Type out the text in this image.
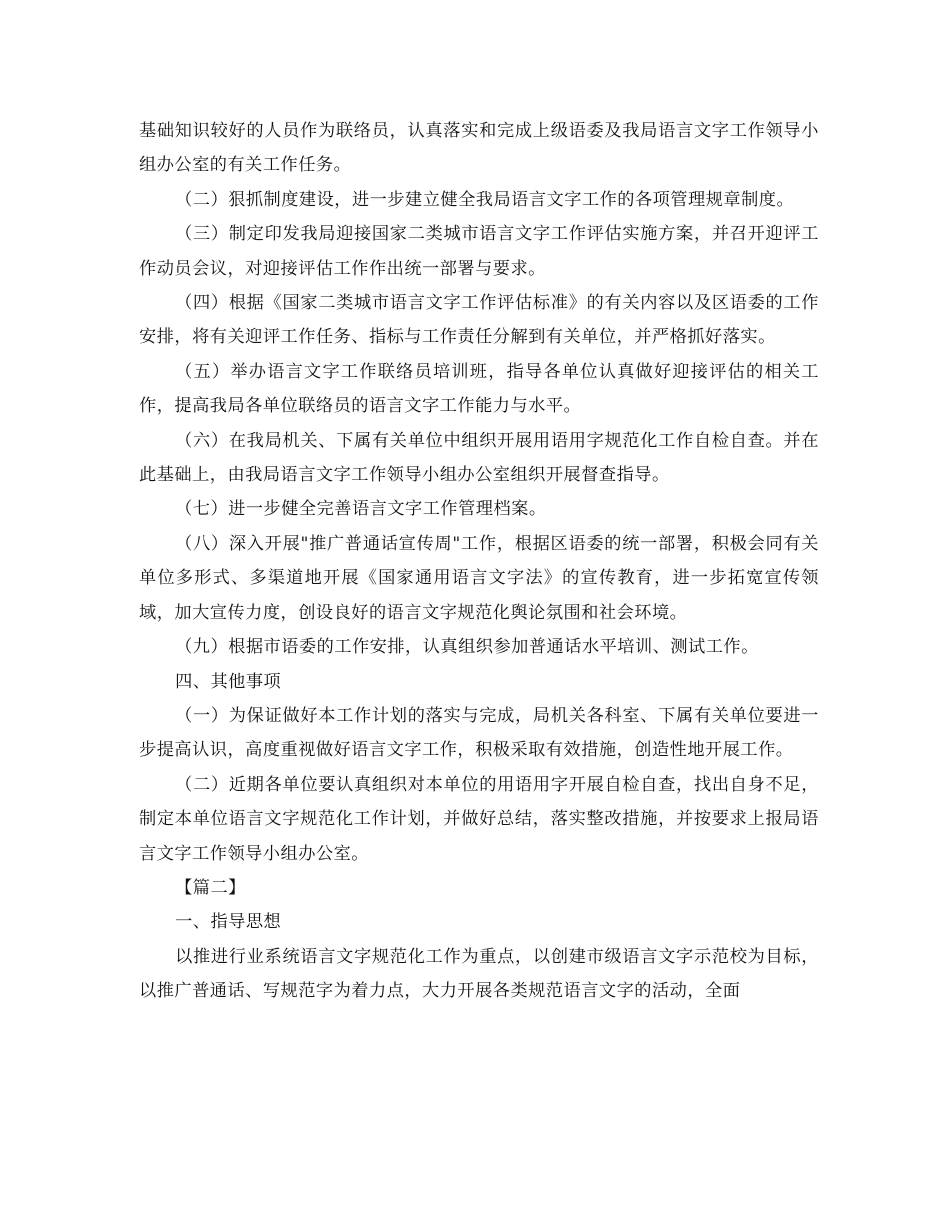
基础知识较好的人员作为联络员，认真落实和完成上级语委及我局语言文字工作领导小组办公室的有关工作任务。

（二）狠抓制度建设，进一步建立健全我局语言文字工作的各项管理规章制度。

（三）制定印发我局迎接国家二类城市语言文字工作评估实施方案，并召开迎评工作动员会议，对迎接评估工作作出统一部署与要求。

（四）根据《国家二类城市语言文字工作评估标准》的有关内容以及区语委的工作安排，将有关迎评工作任务、指标与工作责任分解到有关单位，并严格抓好落实。

（五）举办语言文字工作联络员培训班，指导各单位认真做好迎接评估的相关工作，提高我局各单位联络员的语言文字工作能力与水平。

（六）在我局机关、下属有关单位中组织开展用语用字规范化工作自检自查。并在此基础上，由我局语言文字工作领导小组办公室组织开展督查指导。

（七）进一步健全完善语言文字工作管理档案。

（八）深入开展"推广普通话宣传周"工作，根据区语委的统一部署，积极会同有关单位多形式、多渠道地开展《国家通用语言文字法》的宣传教育，进一步拓宽宣传领域，加大宣传力度，创设良好的语言文字规范化舆论氛围和社会环境。

（九）根据市语委的工作安排，认真组织参加普通话水平培训、测试工作。

四、其他事项

（一）为保证做好本工作计划的落实与完成，局机关各科室、下属有关单位要进一步提高认识，高度重视做好语言文字工作，积极采取有效措施，创造性地开展工作。

（二）近期各单位要认真组织对本单位的用语用字开展自检自查，找出自身不足，制定本单位语言文字规范化工作计划，并做好总结，落实整改措施，并按要求上报局语言文字工作领导小组办公室。

【篇二】

一、指导思想

以推进行业系统语言文字规范化工作为重点，以创建市级语言文字示范校为目标，以推广普通话、写规范字为着力点，大力开展各类规范语言文字的活动，全面
